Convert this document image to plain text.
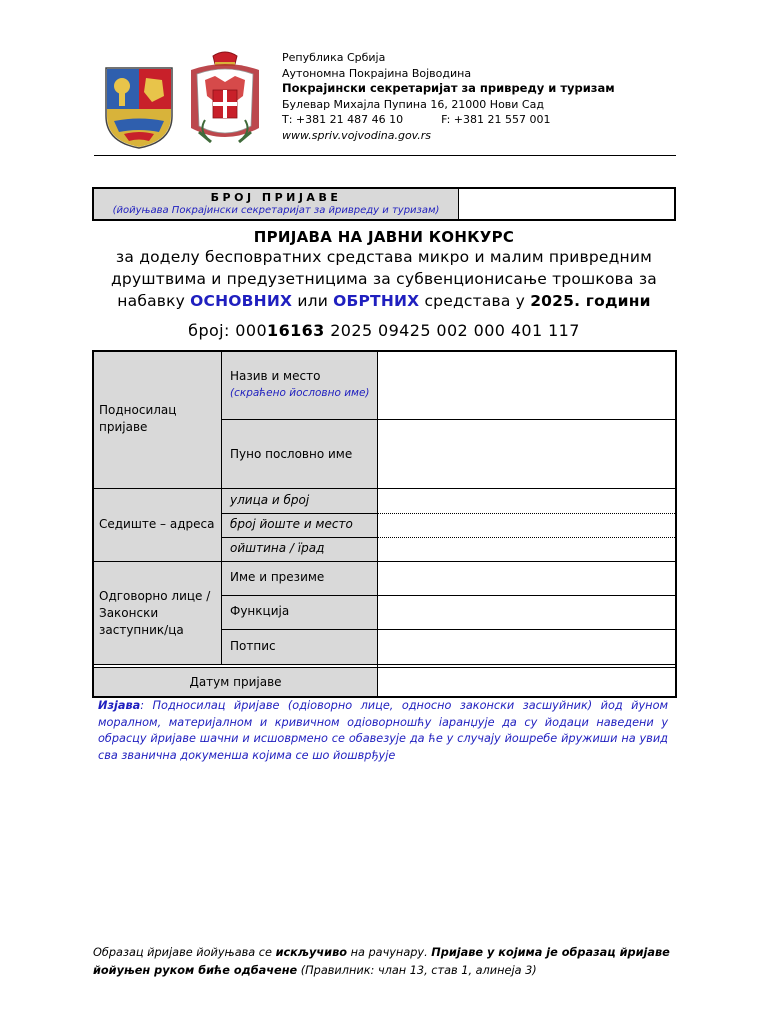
Република Србија
Аутономна Покрајина Војводина
Покрајински секретаријат за привреду и туризам
Булевар Михајла Пупина 16, 21000 Нови Сад
Т: +381 21 487 46 10	F: +381 21 557 001
www.spriv.vojvodina.gov.rs
БРОЈ ПРИЈАВЕ
(йойуњава Покрајински секретаријат за йривреду и туризам)
ПРИЈАВА НА ЈАВНИ КОНКУРС
за доделу бесповратних средстава микро и малим привредним
друштвима и предузетницима за субвенционисање трошкова за
набавку ОСНОВНИХ или ОБРТНИХ средстава у 2025. години
број: 00016163 2025 09425 002 000 401 117
Подносилац пријаве
Назив и место
(скраћено йословно име)
Пуно пословно име
Седиште – адреса
улица и број
број йоште и место
ойштина / їрад
Одговорно лице / Законски заступник/ца
Име и презиме
Функција
Потпис
Датум пријаве
Изјава: Подносилац йријаве (одіоворно лице, односно законски засшуйник) йод йуном моралном, материјалном и кривичном одіоворношћу іаранџује да су йодаци наведени у обрасцу йријаве шачни и исшоврмено се обавезује да ће у случају йошребе йружиши на увид сва званична докуменша којима се шо йошврђује
Образац йријаве йойуњава се искључиво на рачунару. Пријаве у којима је образац йријаве йойуњен руком биће одбачене (Правилник: члан 13, став 1, алинеја 3)
